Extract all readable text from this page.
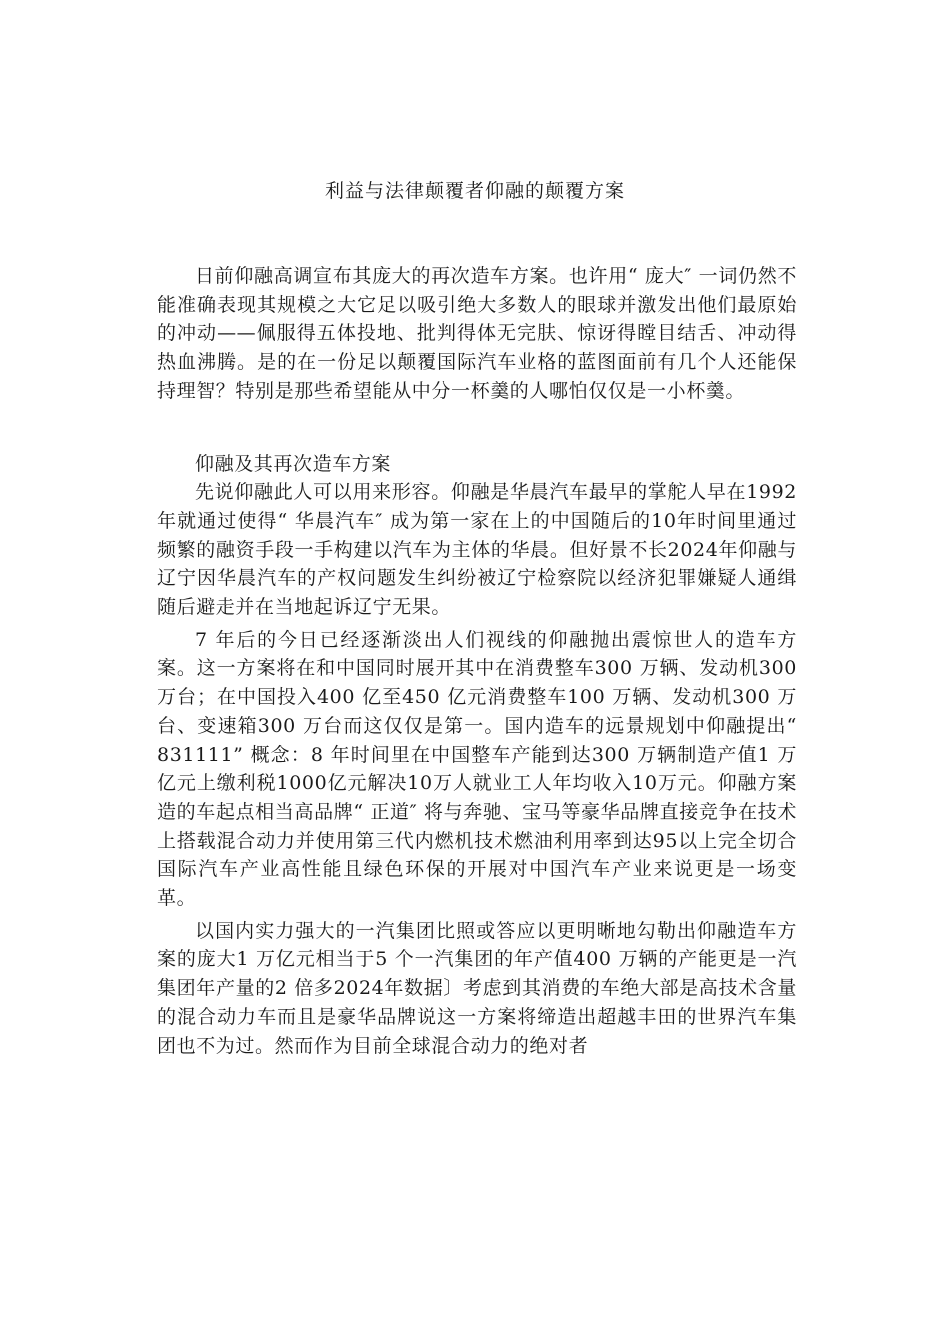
利益与法律颠覆者仰融的颠覆方案

日前仰融高调宣布其庞大的再次造车方案。也许用“ 庞大″ 一词仍然不能准确表现其规模之大它足以吸引绝大多数人的眼球并激发出他们最原始的冲动——佩服得五体投地、批判得体无完肤、惊讶得瞠目结舌、冲动得热血沸腾。是的在一份足以颠覆国际汽车业格的蓝图面前有几个人还能保持理智？特别是那些希望能从中分一杯羹的人哪怕仅仅是一小杯羹。

仰融及其再次造车方案

先说仰融此人可以用来形容。仰融是华晨汽车最早的掌舵人早在1992年就通过使得“ 华晨汽车″ 成为第一家在上的中国随后的10年时间里通过频繁的融资手段一手构建以汽车为主体的华晨。但好景不长2024年仰融与辽宁因华晨汽车的产权问题发生纠纷被辽宁检察院以经济犯罪嫌疑人通缉随后避走并在当地起诉辽宁无果。

7 年后的今日已经逐渐淡出人们视线的仰融抛出震惊世人的造车方案。这一方案将在和中国同时展开其中在消费整车300 万辆、发动机300 万台；在中国投入400 亿至450 亿元消费整车100 万辆、发动机300 万台、变速箱300 万台而这仅仅是第一。国内造车的远景规划中仰融提出“ 831111” 概念：8 年时间里在中国整车产能到达300 万辆制造产值1 万亿元上缴利税1000亿元解决10万人就业工人年均收入10万元。仰融方案造的车起点相当高品牌“ 正道″ 将与奔驰、宝马等豪华品牌直接竞争在技术上搭载混合动力并使用第三代内燃机技术燃油利用率到达95以上完全切合国际汽车产业高性能且绿色环保的开展对中国汽车产业来说更是一场变革。

以国内实力强大的一汽集团比照或答应以更明晰地勾勒出仰融造车方案的庞大1 万亿元相当于5 个一汽集团的年产值400 万辆的产能更是一汽集团年产量的2 倍多2024年数据〕考虑到其消费的车绝大部是高技术含量的混合动力车而且是豪华品牌说这一方案将缔造出超越丰田的世界汽车集团也不为过。然而作为目前全球混合动力的绝对者
